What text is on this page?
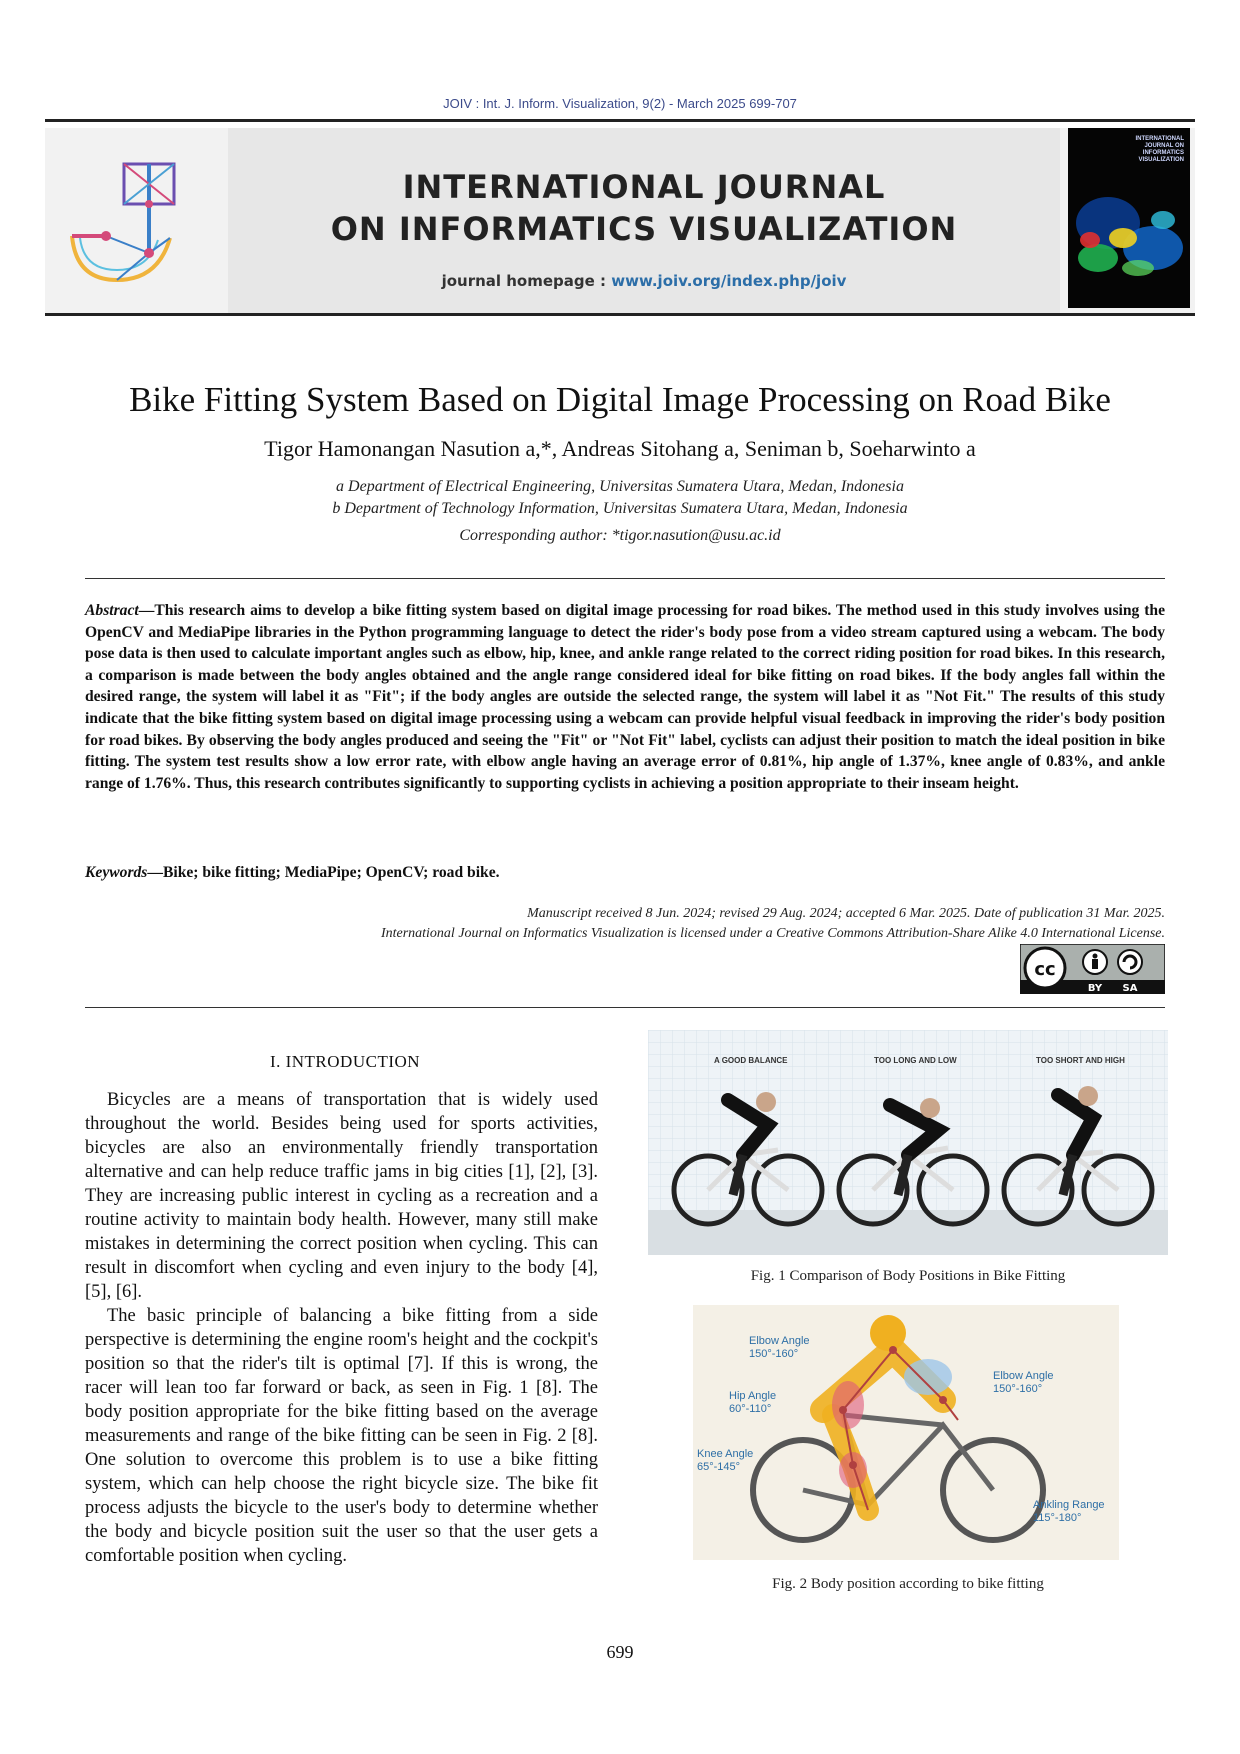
JOIV : Int. J. Inform. Visualization, 9(2) - March 2025 699-707
INTERNATIONAL JOURNAL
ON INFORMATICS VISUALIZATION
journal homepage : www.joiv.org/index.php/joiv
INTERNATIONAL JOURNAL ON INFORMATICS VISUALIZATION
Bike Fitting System Based on Digital Image Processing on Road Bike
Tigor Hamonangan Nasution a,*, Andreas Sitohang a, Seniman b, Soeharwinto a
a Department of Electrical Engineering, Universitas Sumatera Utara, Medan, Indonesia
b Department of Technology Information, Universitas Sumatera Utara, Medan, Indonesia
Corresponding author: *tigor.nasution@usu.ac.id
Abstract—This research aims to develop a bike fitting system based on digital image processing for road bikes. The method used in this study involves using the OpenCV and MediaPipe libraries in the Python programming language to detect the rider's body pose from a video stream captured using a webcam. The body pose data is then used to calculate important angles such as elbow, hip, knee, and ankle range related to the correct riding position for road bikes. In this research, a comparison is made between the body angles obtained and the angle range considered ideal for bike fitting on road bikes. If the body angles fall within the desired range, the system will label it as "Fit"; if the body angles are outside the selected range, the system will label it as "Not Fit." The results of this study indicate that the bike fitting system based on digital image processing using a webcam can provide helpful visual feedback in improving the rider's body position for road bikes. By observing the body angles produced and seeing the "Fit" or "Not Fit" label, cyclists can adjust their position to match the ideal position in bike fitting. The system test results show a low error rate, with elbow angle having an average error of 0.81%, hip angle of 1.37%, knee angle of 0.83%, and ankle range of 1.76%. Thus, this research contributes significantly to supporting cyclists in achieving a position appropriate to their inseam height.
Keywords—Bike; bike fitting; MediaPipe; OpenCV; road bike.
Manuscript received 8 Jun. 2024; revised 29 Aug. 2024; accepted 6 Mar. 2025. Date of publication 31 Mar. 2025.
International Journal on Informatics Visualization is licensed under a Creative Commons Attribution-Share Alike 4.0 International License.
cc
BY SA
I. INTRODUCTION

Bicycles are a means of transportation that is widely used throughout the world. Besides being used for sports activities, bicycles are also an environmentally friendly transportation alternative and can help reduce traffic jams in big cities [1], [2], [3]. They are increasing public interest in cycling as a recreation and a routine activity to maintain body health. However, many still make mistakes in determining the correct position when cycling. This can result in discomfort when cycling and even injury to the body [4], [5], [6].

The basic principle of balancing a bike fitting from a side perspective is determining the engine room's height and the cockpit's position so that the rider's tilt is optimal [7]. If this is wrong, the racer will lean too far forward or back, as seen in Fig. 1 [8]. The body position appropriate for the bike fitting based on the average measurements and range of the bike fitting can be seen in Fig. 2 [8]. One solution to overcome this problem is to use a bike fitting system, which can help choose the right bicycle size. The bike fit process adjusts the bicycle to the user's body to determine whether the body and bicycle position suit the user so that the user gets a comfortable position when cycling.

A GOOD BALANCE	TOO LONG AND LOW	TOO SHORT AND HIGH
Fig. 1 Comparison of Body Positions in Bike Fitting
Elbow Angle
150°-160°
Hip Angle
60°-110°
Knee Angle
65°-145°
Elbow Angle
150°-160°
Ankling Range
115°-180°
Fig. 2 Body position according to bike fitting
699
